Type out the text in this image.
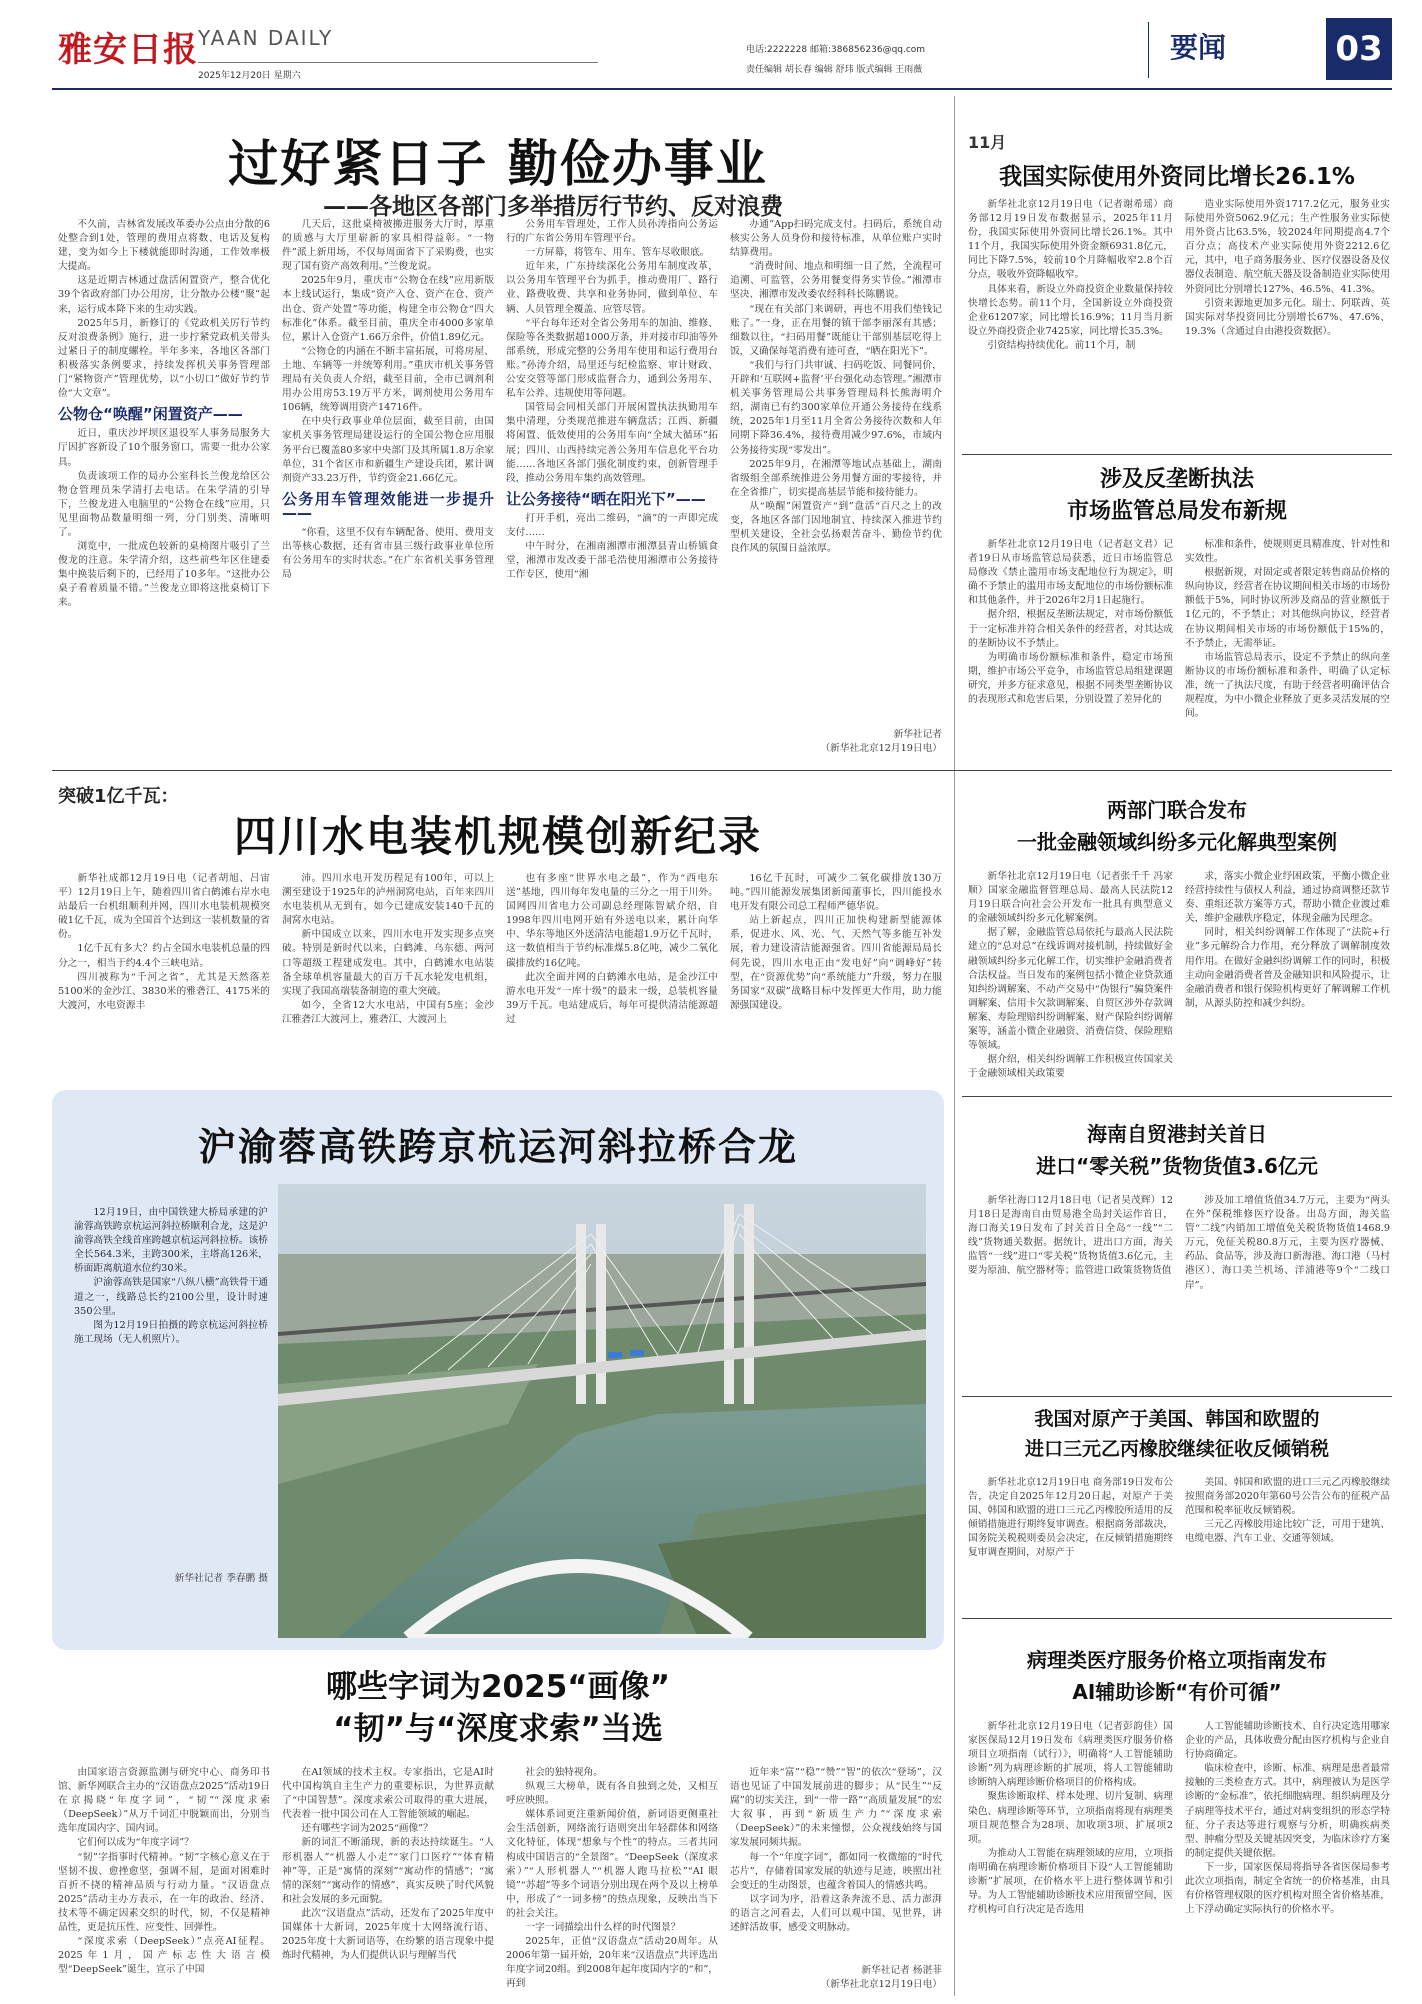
雅安日报 YAAN DAILY
2025年12月20日 星期六
电话:2222228 邮箱:386856236@qq.com
责任编辑 胡长春 编辑 舒玮 版式编辑 王雨薇
要闻	03
过好紧日子 勤俭办事业
——各地区各部门多举措厉行节约、反对浪费

不久前，吉林省发展改革委办公点由分散的6处整合到1处，管理的费用点将数、电话及复构建，变为如今上下楼就能即时沟通，工作效率极大提高。

这是近期吉林通过盘活闲置资产，整合优化39个省政府部门办公用房，让分散办公楼“聚”起来，运行成本降下来的生动实践。

2025年5月，新修订的《党政机关厉行节约反对浪费条例》施行，进一步拧紧党政机关带头过紧日子的制度螺栓。半年多来，各地区各部门积极落实条例要求，持续发挥机关事务管理部门“紧物资产”管理优势，以“小切口”做好节约节俭“大文章”。

公物仓“唤醒”闲置资产——

近日，重庆沙坪坝区退役军人事务局服务大厅因扩容新设了10个服务窗口，需要一批办公家具。

负责该项工作的局办公室科长兰俊龙给区公物仓管理员朱学清打去电话。在朱学清的引导下，兰俊龙进入电脑里的“公物仓在线”应用，只见里面物品数量明细一列，分门别类、清晰明了。

浏览中，一批成色较新的桌椅图片吸引了兰俊龙的注意。朱学清介绍，这些前些年区住建委集中换装后剩下的，已经用了10多年。“这批办公桌子看着质量不错。”兰俊龙立即将这批桌椅订下来。

几天后，这批桌椅被搬进服务大厅时，厚重的质感与大厅里崭新的家具相得益彰。“一物件”派上新用场，不仅每周面省下了采购费，也实现了国有资产高效利用。”兰俊龙说。

2025年9月，重庆市“公物仓在线”应用新版本上线试运行，集成“资产入仓、资产在仓、资产出仓、资产处置”等功能，构建全市公物仓“四大标准化”体系。截至目前，重庆全市4000多家单位，累计入仓资产1.66万余件，价值1.89亿元。

“公物仓的内涵在不断丰富拓展，可将房屋、土地、车辆等一并统筹利用。”重庆市机关事务管理局有关负责人介绍，截至目前，全市已调剂利用办公用房53.19万平方米，调剂使用公务用车106辆，统筹调用资产14716件。

在中央行政事业单位层面，截至目前，由国家机关事务管理局建设运行的全国公物仓应用服务平台已覆盖80多家中央部门及其所属1.8万余家单位，31个省区市和新疆生产建设兵团，累计调剂资产33.23万件，节约资金21.66亿元。

公务用车管理效能进一步提升——

“你看，这里不仅有车辆配备、使用、费用支出等核心数据，还有省市县三级行政事业单位所有公务用车的实时状态。”在广东省机关事务管理局

公务用车管理处，工作人员孙涛指向公务运行的广东省公务用车管理平台。

一方屏幕，将管车、用车、管车尽收眼底。

近年来，广东持续深化公务用车制度改革，以公务用车管理平台为抓手，推动费用厂、路行业、路费收费、共享和业务协同，做到单位、车辆、人员管理全覆盖、应管尽管。

“平台每年还对全省公务用车的加油、维修、保险等各类数据超1000万条，并对接市印油等外部系统，形成完整的公务用车使用和运行费用台账。”孙涛介绍，局里还与纪检监察、审计财政、公安交管等部门形成监督合力，通到公务用车、私车公养、违规使用等问题。

国管局会同相关部门开展闲置执法执勤用车集中清理，分类规范推进车辆盘活；江西、新疆将闲置、低效使用的公务用车向“全域大循环”拓展；四川、山西持续完善公务用车信息化平台功能……各地区各部门强化制度约束，创新管理手段，推动公务用车集约高效管理。

让公务接待“晒在阳光下”——

打开手机，亮出二维码，“滴”的一声即完成支付……

中午时分，在湘南湘潭市湘潭县青山桥镇食堂，湘潭市发改委干部毛浩使用湘潭市公务接待工作专区，使用“湘

办通”App扫码完成支付。扫码后，系统自动核实公务人员身份和接待标准，从单位账户实时结算费用。

“消费时间、地点和明细一目了然，全流程可追溯、可监管，公务用餐变得务实节俭。”湘潭市坚决、湘潭市发改委农经科科长陈鹏说。

“现在有关部门来调研，再也不用我们垫钱记账了。”一身，正在用餐的镇干部李丽深有其感；细数以往，“扫码用餐”既能让干部别基层吃得上饭，又确保每笔消费有迹可查，“晒在阳光下”。

“我们与行门共审诚、扫码吃饭、同餐同价，开辟和‘互联网+监督’平台强化动态管理。”湘潭市机关事务管理局公共事务管理局科长熊海明介绍，湖南已有约300家单位开通公务接待在线系统，2025年1月至11月全省公务接待次数和人年同期下降36.4%，接待费用减少97.6%，市域内公务接待实现“零发出”。

2025年9月，在湘潭等地试点基础上，湖南省级组全部系统推进公务用餐方面的零接待，并在全省推广，切实提高基层节能和接待能力。

从“唤醒”闲置资产“到”盘活“百尺之上的改变，各地区各部门因地制宜、持续深入推进节约型机关建设，全社会弘扬艰苦奋斗、勤俭节约优良作风的氛围日益浓厚。

新华社记者
（新华社北京12月19日电）
11月
我国实际使用外资同比增长26.1%

新华社北京12月19日电（记者谢希瑶）商务部12月19日发布数据显示，2025年11月份，我国实际使用外资同比增长26.1%。其中11个月，我国实际使用外资金额6931.8亿元，同比下降7.5%，较前10个月降幅收窄2.8个百分点，吸收外资降幅收窄。

具体来看，新设立外商投资企业数量保持较快增长态势。前11个月，全国新设立外商投资企业61207家，同比增长16.9%；11月当月新设立外商投资企业7425家，同比增长35.3%。

引资结构持续优化。前11个月，制

造业实际使用外资1717.2亿元，服务业实际使用外资5062.9亿元；生产性服务业实际使用外资占比63.5%，较2024年同期提高4.7个百分点；高技术产业实际使用外资2212.6亿元，其中，电子商务服务业、医疗仪器设备及仪器仪表制造、航空航天器及设备制造业实际使用外资同比分别增长127%、46.5%、41.3%。

引资来源地更加多元化。瑞士、阿联酋、英国实际对华投资同比分别增长67%、47.6%、19.3%（含通过自由港投资数据）。

涉及反垄断执法
市场监管总局发布新规

新华社北京12月19日电（记者赵文君）记者19日从市场监管总局获悉，近日市场监管总局修改《禁止滥用市场支配地位行为规定》，明确不予禁止的滥用市场支配地位的市场份额标准和其他条件，并于2026年2月1日起施行。

据介绍，根据反垄断法规定，对市场份额低于一定标准并符合相关条件的经营者，对其达成的垄断协议不予禁止。

为明确市场份额标准和条件，稳定市场预期，维护市场公平竞争，市场监管总局组建课题研究，并多方征求意见，根据不同类型垄断协议的表现形式和危害后果，分别设置了差异化的

标准和条件，使规则更具精准度、针对性和实效性。

根据新规，对固定或者限定转售商品价格的纵向协议，经营者在协议期间相关市场的市场份额低于5%，同时协议所涉及商品的营业额低于1亿元的，不予禁止；对其他纵向协议，经营者在协议期间相关市场的市场份额低于15%的，不予禁止，无需举证。

市场监管总局表示，设定不予禁止的纵向垄断协议的市场份额标准和条件，明确了认定标准，统一了执法尺度，有助于经营者明确评估合规程度，为中小微企业释放了更多灵活发展的空间。

突破1亿千瓦：
四川水电装机规模创新纪录

新华社成都12月19日电（记者胡旭、吕宙平）12月19日上午，随着四川省白鹤滩右岸水电站最后一台机组顺利并网，四川水电装机规模突破1亿千瓦，成为全国首个达到这一装机数量的省份。

1亿千瓦有多大？约占全国水电装机总量的四分之一，相当于约4.4个三峡电站。

四川被称为“千河之省”，尤其是天然落差5100米的金沙江、3830米的雅砻江、4175米的大渡河，水电资源丰

沛。四川水电开发历程足有100年，可以上溯至建设于1925年的泸州洞窝电站，百年来四川水电装机从无到有，如今已建成安装140千瓦的洞窝水电站。

新中国成立以来，四川水电开发实现多点突破。特别是新时代以来，白鹤滩、乌东德、两河口等超级工程建成发电。其中，白鹤滩水电站装备全球单机容量最大的百万千瓦水轮发电机组，实现了我国高端装备制造的重大突破。

如今，全省12大水电站，中国有5座；金沙江雅砻江大渡河上，雅砻江、大渡河上

也有多座“世界水电之最”，作为“西电东送”基地，四川每年发电量的三分之一用于川外。国网四川省电力公司副总经理陈智斌介绍，自1998年四川电网开始有外送电以来，累计向华中、华东等地区外送清洁电能超1.9万亿千瓦时，这一数值相当于节约标准煤5.8亿吨，减少二氧化碳排放约16亿吨。

此次全面并网的白鹤滩水电站，是金沙江中游水电开发“一库十级”的最末一级，总装机容量39万千瓦。电站建成后，每年可提供清洁能源超过

16亿千瓦时，可减少二氧化碳排放130万吨。”四川能源发展集团新闻董事长，四川能投水电开发有限公司总工程师严德华说。

站上新起点，四川正加快构建新型能源体系，促进水、风、光、气、天然气等多能互补发展，着力建设清洁能源强省。四川省能源局局长何先说，四川水电正由“发电好”向“调峰好”转型，在“资源优势”向“系统能力”升级，努力在服务国家“双碳”战略目标中发挥更大作用，助力能源强国建设。

两部门联合发布
一批金融领域纠纷多元化解典型案例

新华社北京12月19日电（记者张千千 冯家顺）国家金融监督管理总局、最高人民法院12月19日联合向社会公开发布一批具有典型意义的金融领域纠纷多元化解案例。

据了解，金融监管总局依托与最高人民法院建立的“总对总”在线诉调对接机制，持续做好金融领域纠纷多元化解工作，切实维护金融消费者合法权益。当日发布的案例包括小微企业贷款通知纠纷调解案、不动产交易中“伪银行”骗贷案件调解案、信用卡欠款调解案、自贸区涉外存款调解案、寿险理赔纠纷调解案、财产保险纠纷调解案等，涵盖小微企业融资、消费信贷、保险理赔等领域。

据介绍，相关纠纷调解工作积极宣传国家关于金融领域相关政策要

求，落实小微企业纾困政策，平衡小微企业经营持续性与债权人利益，通过协商调整还款节奏、重组还款方案等方式，帮助小微企业渡过难关，维护金融秩序稳定，体现金融为民理念。

同时，相关纠纷调解工作体现了“法院+行业”多元解纷合力作用，充分释放了调解制度效用作用。在做好金融纠纷调解工作的同时，积极主动向金融消费者普及金融知识和风险提示，让金融消费者和银行保险机构更好了解调解工作机制，从源头防控和减少纠纷。

沪渝蓉高铁跨京杭运河斜拉桥合龙

12月19日，由中国铁建大桥局承建的沪渝蓉高铁跨京杭运河斜拉桥顺利合龙，这是沪渝蓉高铁全线首座跨越京杭运河斜拉桥。该桥全长564.3米，主跨300米，主塔高126米，桥面距离航道水位约30米。

沪渝蓉高铁是国家“八纵八横”高铁骨干通道之一，线路总长约2100公里，设计时速350公里。

图为12月19日拍摄的跨京杭运河斜拉桥施工现场（无人机照片）。

新华社记者 季春鹏 摄
海南自贸港封关首日
进口“零关税”货物货值3.6亿元

新华社海口12月18日电（记者吴茂辉）12月18日是海南自由贸易港全岛封关运作首日，海口海关19日发布了封关首日全岛“一线”“二线”货物通关数据。据统计，进出口方面，海关监管“一线”进口“零关税”货物货值3.6亿元，主要为原油、航空器材等；监管进口政策货物货值

涉及加工增值货值34.7万元，主要为“两头在外”保税维修医疗设备。出岛方面，海关监管“二线”内销加工增值免关税货物货值1468.9万元，免征关税80.8万元，主要为医疗器械、药品、食品等，涉及海口新海港、海口港（马村港区）、海口美兰机场、洋浦港等9个“二线口岸”。

我国对原产于美国、韩国和欧盟的
进口三元乙丙橡胶继续征收反倾销税

新华社北京12月19日电 商务部19日发布公告，决定自2025年12月20日起，对原产于美国、韩国和欧盟的进口三元乙丙橡胶所适用的反倾销措施进行期终复审调查。根据商务部裁决，国务院关税税则委员会决定，在反倾销措施期终复审调查期间，对原产于

美国、韩国和欧盟的进口三元乙丙橡胶继续按照商务部2020年第60号公告公布的征税产品范围和税率征收反倾销税。

三元乙丙橡胶用途比较广泛，可用于建筑、电缆电器、汽车工业、交通等领域。

病理类医疗服务价格立项指南发布
AI辅助诊断“有价可循”

新华社北京12月19日电（记者彭韵佳）国家医保局12月19日发布《病理类医疗服务价格项目立项指南（试行）》，明确将“人工智能辅助诊断”列为病理诊断的扩展项，将人工智能辅助诊断纳入病理诊断价格项目的价格构成。

聚焦诊断取样、样本处理、切片复制、病理染色、病理诊断等环节，立项指南将现有病理类项目规范整合为28项、加收项3项、扩展项2项。

为推动人工智能在病理领域的应用，立项指南明确在病理诊断价格项目下设“人工智能辅助诊断”扩展项，在价格水平上进行整体调节和引导。为人工智能辅助诊断技术应用预留空间，医疗机构可自行决定是否选用

人工智能辅助诊断技术、自行决定选用哪家企业的产品，具体收费分配由医疗机构与企业自行协商确定。

临床检查中，诊断、标准、病理是患者最常接触的三类检查方式。其中，病理被认为是医学诊断的“金标准”，依托细胞病理、组织病理及分子病理等技术平台，通过对病变组织的形态学特征、分子表达等进行观察与分析，明确疾病类型、肿瘤分型及关键基因突变，为临床诊疗方案的制定提供关键依据。

下一步，国家医保局将指导各省医保局参考此次立项指南，制定全省统一的价格基准，由具有价格管理权限的医疗机构对照全省价格基准，上下浮动确定实际执行的价格水平。

哪些字词为2025“画像”
“韧”与“深度求索”当选

由国家语言资源监测与研究中心、商务印书馆、新华网联合主办的“汉语盘点2025”活动19日在京揭晓“年度字词”，“韧”“深度求索（DeepSeek）”从万千词汇中脱颖而出，分别当选年度国内字、国内词。

它们何以成为“年度字词”？

“韧”字指事时代精神。“韧”字核心意义在于坚韧不拔、愈挫愈坚，强调不屈，是面对困难时百折不挠的精神品质与行动力量。“汉语盘点2025”活动主办方表示，在一年的政治、经济、技术等不确定因素交织的时代，韧，不仅是精神品性，更是抗压性、应变性、回弹性。

“深度求索（DeepSeek）”点亮AI征程。2025年1月，国产标志性大语言模型“DeepSeek”诞生，宣示了中国

在AI领域的技术主权。专家指出，它是AI时代中国构筑自主生产力的重要标识，为世界贡献了“中国智慧”。深度求索公司取得的重大进展，代表着一批中国公司在人工智能领域的崛起。

还有哪些字词为2025“画像”？

新的词汇不断涌现，新的表达持续诞生。“人形机器人”“机器人小走”“家门口医疗”“体育精神”等，正是“寓情的深刻”“寓动作的情感”；“寓情的深刻”“寓动作的情感”，真实反映了时代风貌和社会发展的多元面貌。

此次“汉语盘点”活动，还发布了2025年度中国媒体十大新词，2025年度十大网络流行语、2025年度十大新词语等，在纷繁的语言现象中提炼时代精神，为人们提供认识与理解当代

社会的独特视角。

纵观三大榜单，既有各自独到之处，又相互呼应映照。

媒体系词更注重新闻价值，新词语更侧重社会生活创新，网络流行语则突出年轻群体和网络文化特征，体现“想象与个性”的特点。三者共同构成中国语言的“全景图”。“DeepSeek（深度求索）”“人形机器人”“机器人跑马拉松”“AI 眼镜”“苏超”等多个词语分别出现在两个及以上榜单中，形成了“一词多榜”的热点现象，反映出当下的社会关注。

一字一词描绘出什么样的时代图景？

2025年，正值“汉语盘点”活动20周年。从2006年第一届开始，20年来“汉语盘点”共评选出年度字词20组。到2008年起年度国内字的“和”，再到

近年来“富”“稳”“赞”“智”的依次“登场”，汉语也见证了中国发展前进的脚步；从“民生”“反腐”的切实关注，到“一带一路”“高质量发展”的宏大叙事，再到“新质生产力”“深度求索（DeepSeek）”的未来憧憬，公众视线始终与国家发展同频共振。

每一个“年度字词”，都如同一枚微缩的“时代芯片”，存储着国家发展的轨迹与足迹，映照出社会变迁的生动图景，也蕴含着国人的情感共鸣。

以字词为序，沿着这条奔流不息、活力澎湃的语言之河看去，人们可以观中国、见世界，讲述鲜活故事，感受文明脉动。

新华社记者 杨湛菲
（新华社北京12月19日电）
